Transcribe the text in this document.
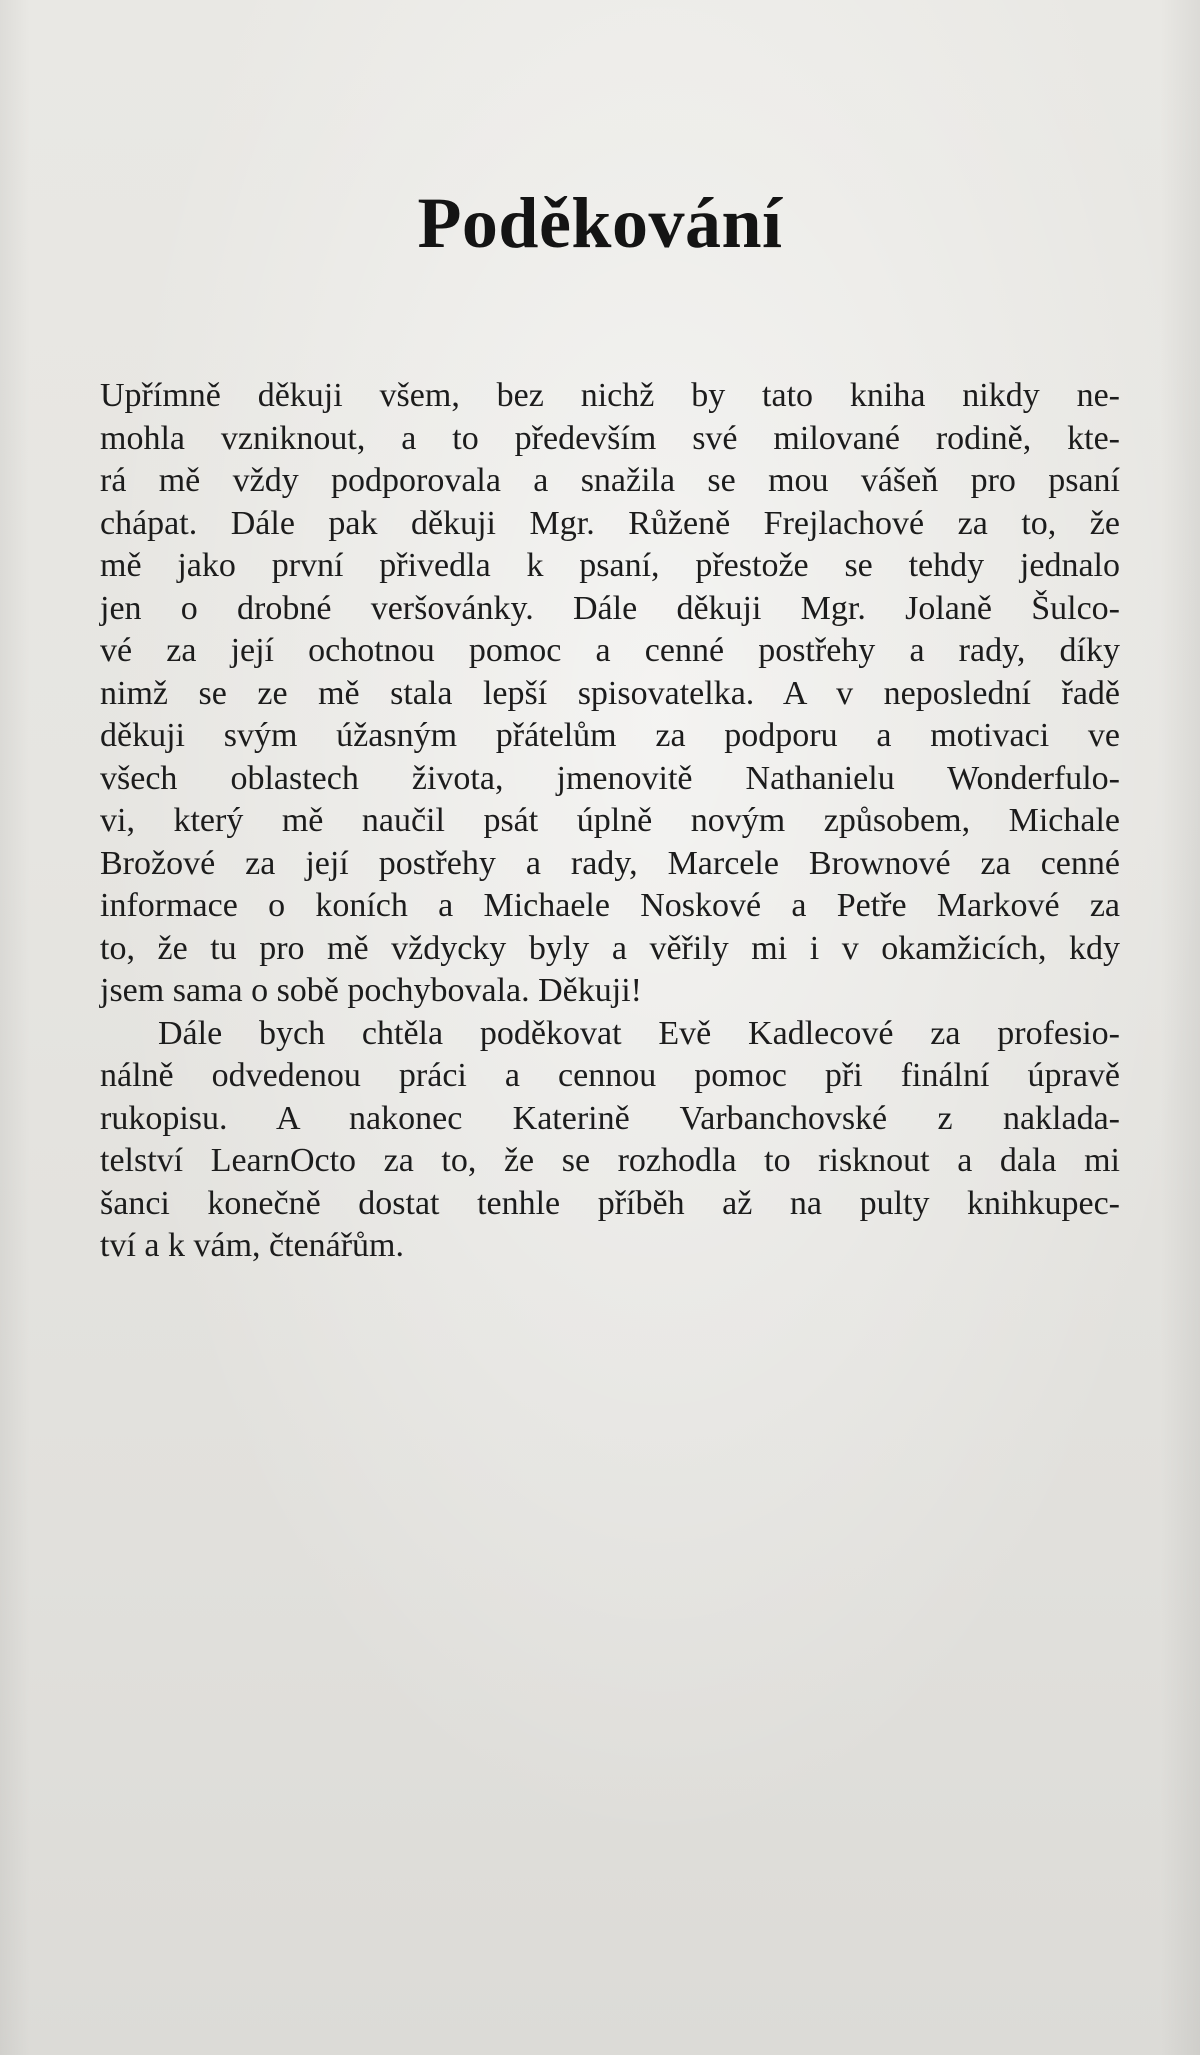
Poděkování

Upřímně děkuji všem, bez nichž by tato kniha nikdy ne-
mohla vzniknout, a to především své milované rodině, kte-
rá mě vždy podporovala a snažila se mou vášeň pro psaní
chápat. Dále pak děkuji Mgr. Růženě Frejlachové za to, že
mě jako první přivedla k psaní, přestože se tehdy jednalo
jen o drobné veršovánky. Dále děkuji Mgr. Jolaně Šulco-
vé za její ochotnou pomoc a cenné postřehy a rady, díky
nimž se ze mě stala lepší spisovatelka. A v neposlední řadě
děkuji svým úžasným přátelům za podporu a motivaci ve
všech oblastech života, jmenovitě Nathanielu Wonderfulo-
vi, který mě naučil psát úplně novým způsobem, Michale
Brožové za její postřehy a rady, Marcele Brownové za cenné
informace o koních a Michaele Noskové a Petře Markové za
to, že tu pro mě vždycky byly a věřily mi i v okamžicích, kdy
jsem sama o sobě pochybovala. Děkuji!

Dále bych chtěla poděkovat Evě Kadlecové za profesio-
nálně odvedenou práci a cennou pomoc při finální úpravě
rukopisu. A nakonec Katerině Varbanchovské z naklada-
telství LearnOcto za to, že se rozhodla to risknout a dala mi
šanci konečně dostat tenhle příběh až na pulty knihkupec-
tví a k vám, čtenářům.
